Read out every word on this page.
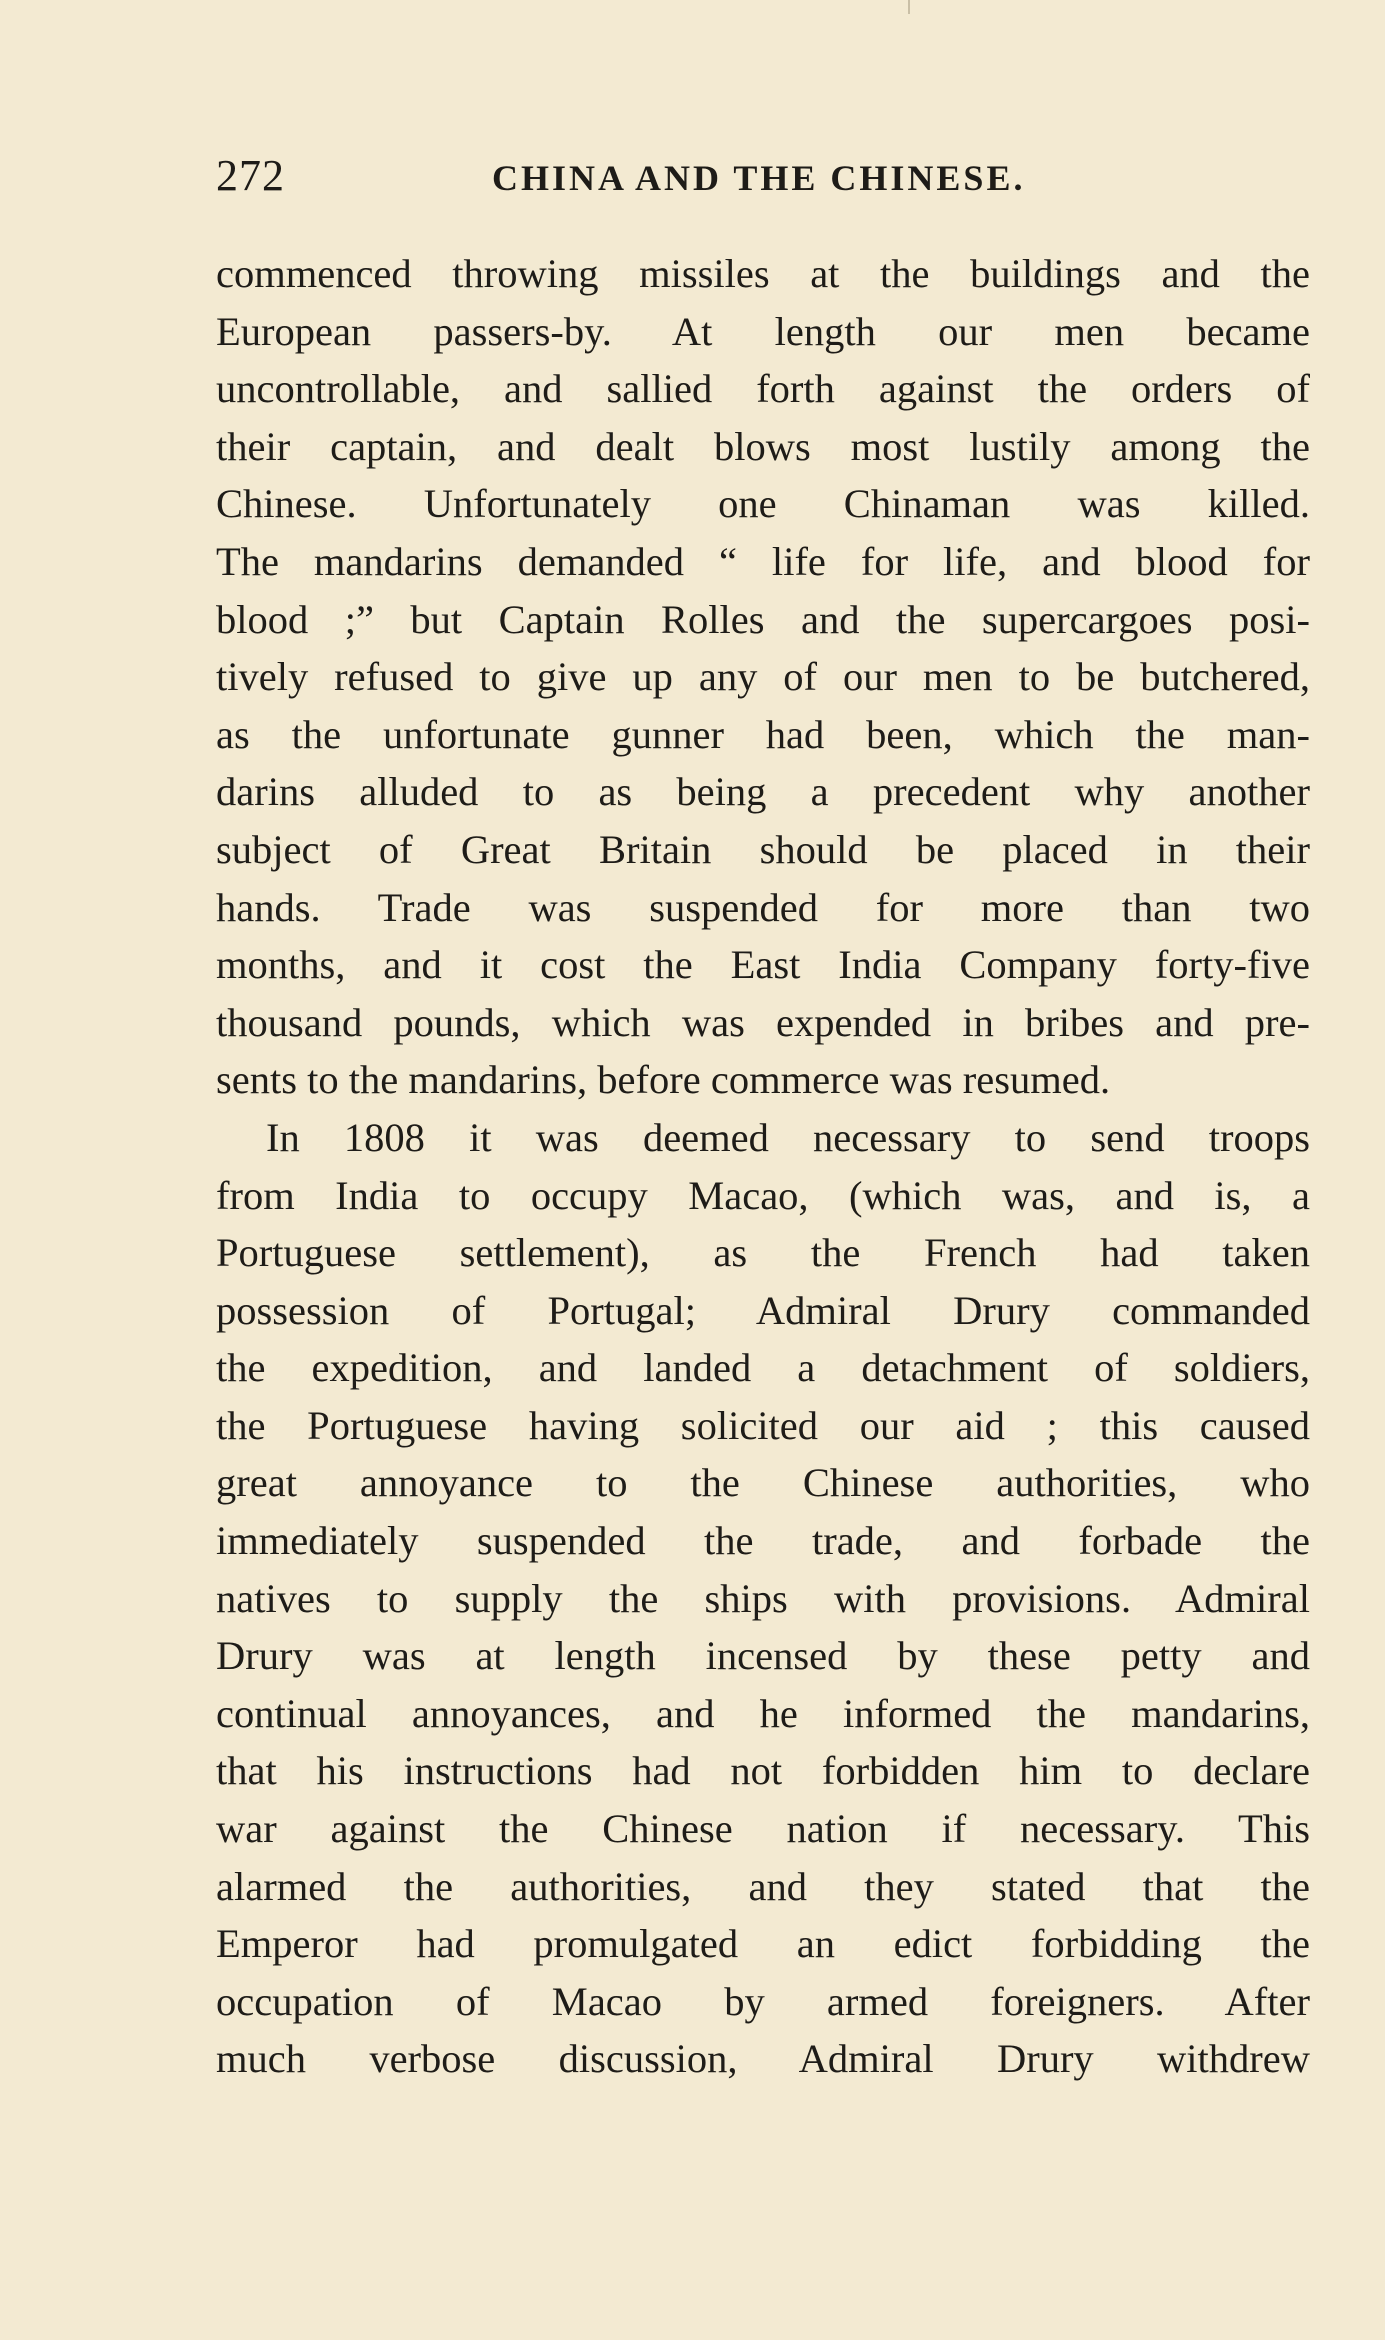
272	CHINA AND THE CHINESE.
commenced throwing missiles at the buildings and the
European passers-by. At length our men became
uncontrollable, and sallied forth against the orders of
their captain, and dealt blows most lustily among the
Chinese. Unfortunately one Chinaman was killed.
The mandarins demanded “ life for life, and blood for
blood ;” but Captain Rolles and the supercargoes posi-
tively refused to give up any of our men to be butchered,
as the unfortunate gunner had been, which the man-
darins alluded to as being a precedent why another
subject of Great Britain should be placed in their
hands. Trade was suspended for more than two
months, and it cost the East India Company forty-five
thousand pounds, which was expended in bribes and pre-
sents to the mandarins, before commerce was resumed.
In 1808 it was deemed necessary to send troops
from India to occupy Macao, (which was, and is, a
Portuguese settlement), as the French had taken
possession of Portugal; Admiral Drury commanded
the expedition, and landed a detachment of soldiers,
the Portuguese having solicited our aid ; this caused
great annoyance to the Chinese authorities, who
immediately suspended the trade, and forbade the
natives to supply the ships with provisions. Admiral
Drury was at length incensed by these petty and
continual annoyances, and he informed the mandarins,
that his instructions had not forbidden him to declare
war against the Chinese nation if necessary. This
alarmed the authorities, and they stated that the
Emperor had promulgated an edict forbidding the
occupation of Macao by armed foreigners. After
much verbose discussion, Admiral Drury withdrew
